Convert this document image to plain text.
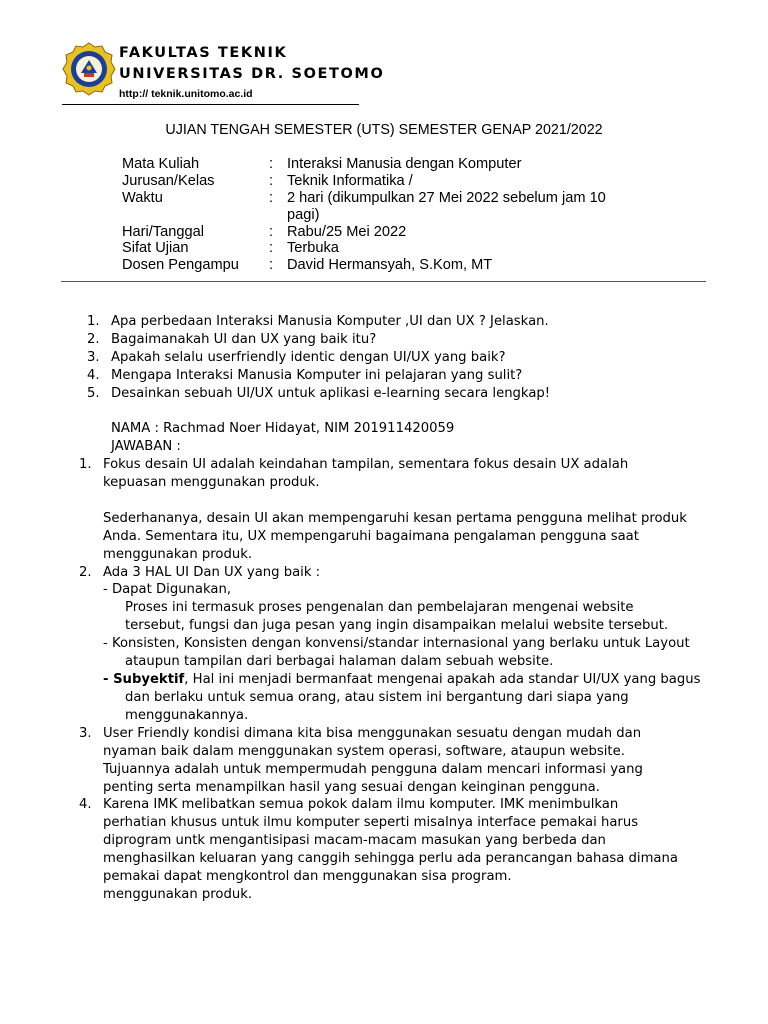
FAKULTAS TEKNIK
UNIVERSITAS DR. SOETOMO
http:// teknik.unitomo.ac.id
UJIAN TENGAH SEMESTER (UTS) SEMESTER GENAP 2021/2022
Mata Kuliah	: Interaksi Manusia dengan Komputer
Jurusan/Kelas	: Teknik Informatika /
Waktu	: 2 hari (dikumpulkan 27 Mei 2022 sebelum jam 10 pagi)
Hari/Tanggal	: Rabu/25 Mei 2022
Sifat Ujian	: Terbuka
Dosen Pengampu : David Hermansyah, S.Kom, MT
1. Apa perbedaan Interaksi Manusia Komputer ,UI dan UX ? Jelaskan.
2. Bagaimanakah UI dan UX yang baik itu?
3. Apakah selalu userfriendly identic dengan UI/UX yang baik?
4. Mengapa Interaksi Manusia Komputer ini pelajaran yang sulit?
5. Desainkan sebuah UI/UX untuk aplikasi e-learning secara lengkap!
NAMA : Rachmad Noer Hidayat, NIM 201911420059
JAWABAN :
1. Fokus desain UI adalah keindahan tampilan, sementara fokus desain UX adalah
kepuasan menggunakan produk.
Sederhananya, desain UI akan mempengaruhi kesan pertama pengguna melihat produk
Anda. Sementara itu, UX mempengaruhi bagaimana pengalaman pengguna saat
menggunakan produk.
2. Ada 3 HAL UI Dan UX yang baik :
- Dapat Digunakan,
Proses ini termasuk proses pengenalan dan pembelajaran mengenai website
tersebut, fungsi dan juga pesan yang ingin disampaikan melalui website tersebut.
- Konsisten, Konsisten dengan konvensi/standar internasional yang berlaku untuk Layout
ataupun tampilan dari berbagai halaman dalam sebuah website.
- Subyektif, Hal ini menjadi bermanfaat mengenai apakah ada standar UI/UX yang bagus
dan berlaku untuk semua orang, atau sistem ini bergantung dari siapa yang
menggunakannya.
3. User Friendly kondisi dimana kita bisa menggunakan sesuatu dengan mudah dan
nyaman baik dalam menggunakan system operasi, software, ataupun website.
Tujuannya adalah untuk mempermudah pengguna dalam mencari informasi yang
penting serta menampilkan hasil yang sesuai dengan keinginan pengguna.
4. Karena IMK melibatkan semua pokok dalam ilmu komputer. IMK menimbulkan
perhatian khusus untuk ilmu komputer seperti misalnya interface pemakai harus
diprogram untk mengantisipasi macam-macam masukan yang berbeda dan
menghasilkan keluaran yang canggih sehingga perlu ada perancangan bahasa dimana
pemakai dapat mengkontrol dan menggunakan sisa program.
menggunakan produk.
